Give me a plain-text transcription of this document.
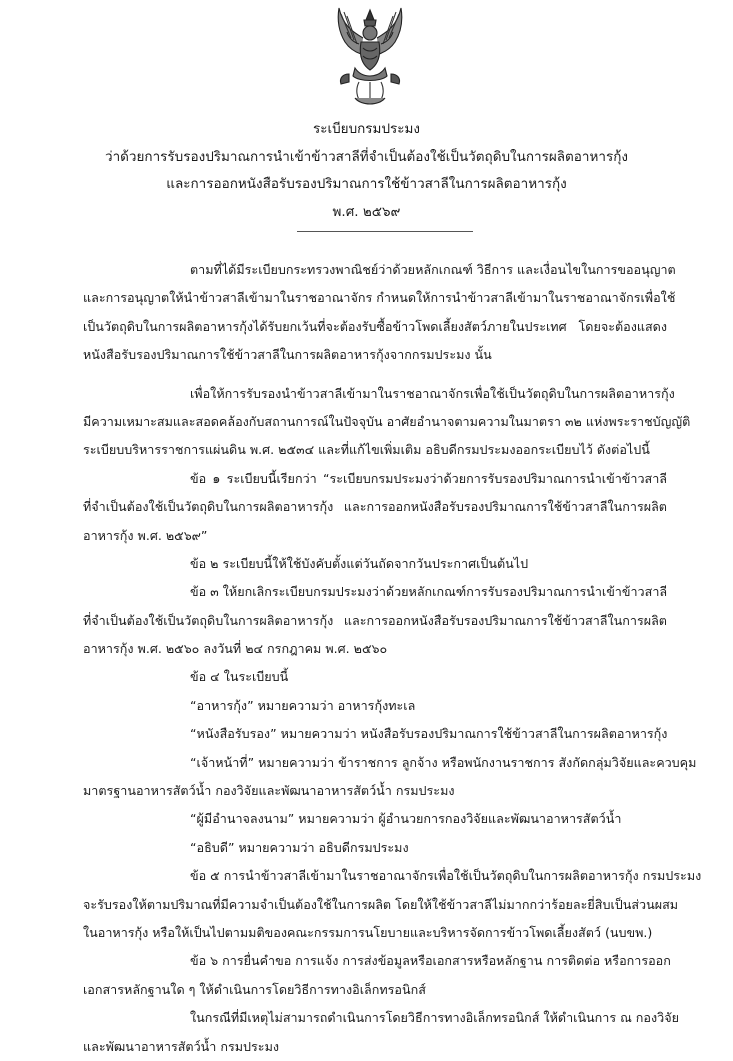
ระเบียบกรมประมง
ว่าด้วยการรับรองปริมาณการนำเข้าข้าวสาลีที่จำเป็นต้องใช้เป็นวัตถุดิบในการผลิตอาหารกุ้ง
และการออกหนังสือรับรองปริมาณการใช้ข้าวสาลีในการผลิตอาหารกุ้ง
พ.ศ. ๒๕๖๙
ตามที่ได้มีระเบียบกระทรวงพาณิชย์ว่าด้วยหลักเกณฑ์ วิธีการ และเงื่อนไขในการขออนุญาต
และการอนุญาตให้นำข้าวสาลีเข้ามาในราชอาณาจักร กำหนดให้การนำข้าวสาลีเข้ามาในราชอาณาจักรเพื่อใช้
เป็นวัตถุดิบในการผลิตอาหารกุ้งได้รับยกเว้นที่จะต้องรับซื้อข้าวโพดเลี้ยงสัตว์ภายในประเทศ โดยจะต้องแสดง
หนังสือรับรองปริมาณการใช้ข้าวสาลีในการผลิตอาหารกุ้งจากกรมประมง นั้น
เพื่อให้การรับรองนำข้าวสาลีเข้ามาในราชอาณาจักรเพื่อใช้เป็นวัตถุดิบในการผลิตอาหารกุ้ง
มีความเหมาะสมและสอดคล้องกับสถานการณ์ในปัจจุบัน อาศัยอำนาจตามความในมาตรา ๓๒ แห่งพระราชบัญญัติ
ระเบียบบริหารราชการแผ่นดิน พ.ศ. ๒๕๓๔ และที่แก้ไขเพิ่มเติม อธิบดีกรมประมงออกระเบียบไว้ ดังต่อไปนี้
ข้อ ๑ ระเบียบนี้เรียกว่า “ระเบียบกรมประมงว่าด้วยการรับรองปริมาณการนำเข้าข้าวสาลี
ที่จำเป็นต้องใช้เป็นวัตถุดิบในการผลิตอาหารกุ้ง และการออกหนังสือรับรองปริมาณการใช้ข้าวสาลีในการผลิต
อาหารกุ้ง พ.ศ. ๒๕๖๙”
ข้อ ๒ ระเบียบนี้ให้ใช้บังคับตั้งแต่วันถัดจากวันประกาศเป็นต้นไป
ข้อ ๓ ให้ยกเลิกระเบียบกรมประมงว่าด้วยหลักเกณฑ์การรับรองปริมาณการนำเข้าข้าวสาลี
ที่จำเป็นต้องใช้เป็นวัตถุดิบในการผลิตอาหารกุ้ง และการออกหนังสือรับรองปริมาณการใช้ข้าวสาลีในการผลิต
อาหารกุ้ง พ.ศ. ๒๕๖๐ ลงวันที่ ๒๔ กรกฎาคม พ.ศ. ๒๕๖๐
ข้อ ๔ ในระเบียบนี้
“อาหารกุ้ง” หมายความว่า อาหารกุ้งทะเล
“หนังสือรับรอง” หมายความว่า หนังสือรับรองปริมาณการใช้ข้าวสาลีในการผลิตอาหารกุ้ง
“เจ้าหน้าที่” หมายความว่า ข้าราชการ ลูกจ้าง หรือพนักงานราชการ สังกัดกลุ่มวิจัยและควบคุม
มาตรฐานอาหารสัตว์น้ำ กองวิจัยและพัฒนาอาหารสัตว์น้ำ กรมประมง
“ผู้มีอำนาจลงนาม” หมายความว่า ผู้อำนวยการกองวิจัยและพัฒนาอาหารสัตว์น้ำ
“อธิบดี” หมายความว่า อธิบดีกรมประมง
ข้อ ๕ การนำข้าวสาลีเข้ามาในราชอาณาจักรเพื่อใช้เป็นวัตถุดิบในการผลิตอาหารกุ้ง กรมประมง
จะรับรองให้ตามปริมาณที่มีความจำเป็นต้องใช้ในการผลิต โดยให้ใช้ข้าวสาลีไม่มากกว่าร้อยละยี่สิบเป็นส่วนผสม
ในอาหารกุ้ง หรือให้เป็นไปตามมติของคณะกรรมการนโยบายและบริหารจัดการข้าวโพดเลี้ยงสัตว์ (นบขพ.)
ข้อ ๖ การยื่นคำขอ การแจ้ง การส่งข้อมูลหรือเอกสารหรือหลักฐาน การติดต่อ หรือการออก
เอกสารหลักฐานใด ๆ ให้ดำเนินการโดยวิธีการทางอิเล็กทรอนิกส์
ในกรณีที่มีเหตุไม่สามารถดำเนินการโดยวิธีการทางอิเล็กทรอนิกส์ ให้ดำเนินการ ณ กองวิจัย
และพัฒนาอาหารสัตว์น้ำ กรมประมง
